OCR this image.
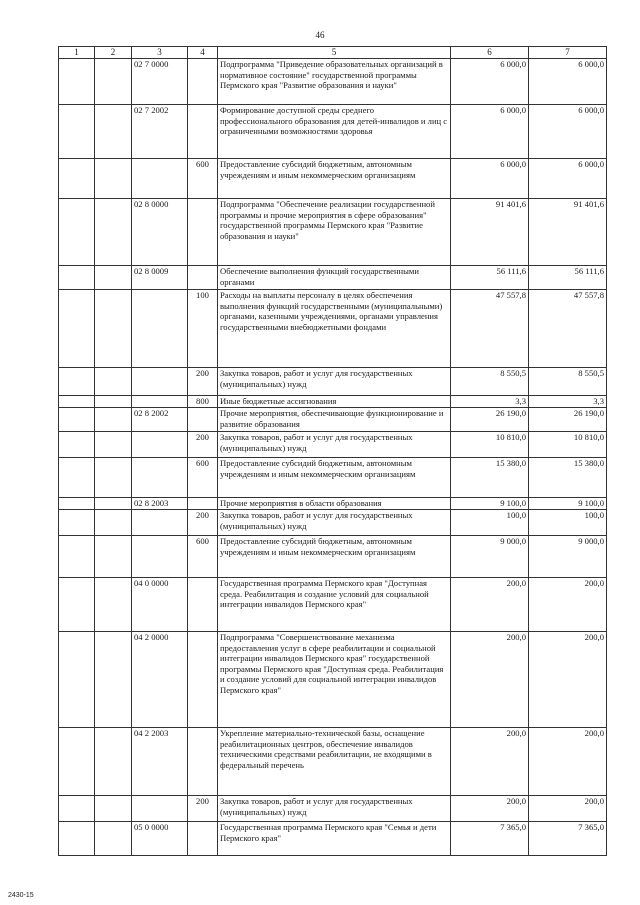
46
1	2	3	4	5	6	7
		02 7 0000		Подпрограмма "Приведение образовательных организаций в нормативное состояние" государственной программы Пермского края "Развитие образования и науки"	6 000,0	6 000,0
		02 7 2002		Формирование доступной среды среднего профессионального образования для детей-инвалидов и лиц с ограниченными возможностями здоровья	6 000,0	6 000,0
			600	Предоставление субсидий бюджетным, автономным учреждениям и иным некоммерческим организациям	6 000,0	6 000,0
		02 8 0000		Подпрограмма "Обеспечение реализации государственной программы и прочие мероприятия в сфере образования" государственной программы Пермского края "Развитие образования и науки"	91 401,6	91 401,6
		02 8 0009		Обеспечение выполнения функций государственными органами	56 111,6	56 111,6
			100	Расходы на выплаты персоналу в целях обеспечения выполнения функций государственными (муниципальными) органами, казенными учреждениями, органами управления государственными внебюджетными фондами	47 557,8	47 557,8
			200	Закупка товаров, работ и услуг для государственных (муниципальных) нужд	8 550,5	8 550,5
			800	Иные бюджетные ассигнования	3,3	3,3
		02 8 2002		Прочие мероприятия, обеспечивающие функционирование и развитие образования	26 190,0	26 190,0
			200	Закупка товаров, работ и услуг для государственных (муниципальных) нужд	10 810,0	10 810,0
			600	Предоставление субсидий бюджетным, автономным учреждениям и иным некоммерческим организациям	15 380,0	15 380,0
		02 8 2003		Прочие мероприятия в области образования	9 100,0	9 100,0
			200	Закупка товаров, работ и услуг для государственных (муниципальных) нужд	100,0	100,0
			600	Предоставление субсидий бюджетным, автономным учреждениям и иным некоммерческим организациям	9 000,0	9 000,0
		04 0 0000		Государственная программа Пермского края "Доступная среда. Реабилитация и создание условий для социальной интеграции инвалидов Пермского края"	200,0	200,0
		04 2 0000		Подпрограмма "Совершенствование механизма предоставления услуг в сфере реабилитации и социальной интеграции инвалидов Пермского края" государственной программы Пермского края "Доступная среда. Реабилитация и создание условий для социальной интеграции инвалидов Пермского края"	200,0	200,0
		04 2 2003		Укрепление материально-технической базы, оснащение реабилитационных центров, обеспечение инвалидов техническими средствами реабилитации, не входящими в федеральный перечень	200,0	200,0
			200	Закупка товаров, работ и услуг для государственных (муниципальных) нужд	200,0	200,0
		05 0 0000		Государственная программа Пермского края "Семья и дети Пермского края"	7 365,0	7 365,0
2430-15
